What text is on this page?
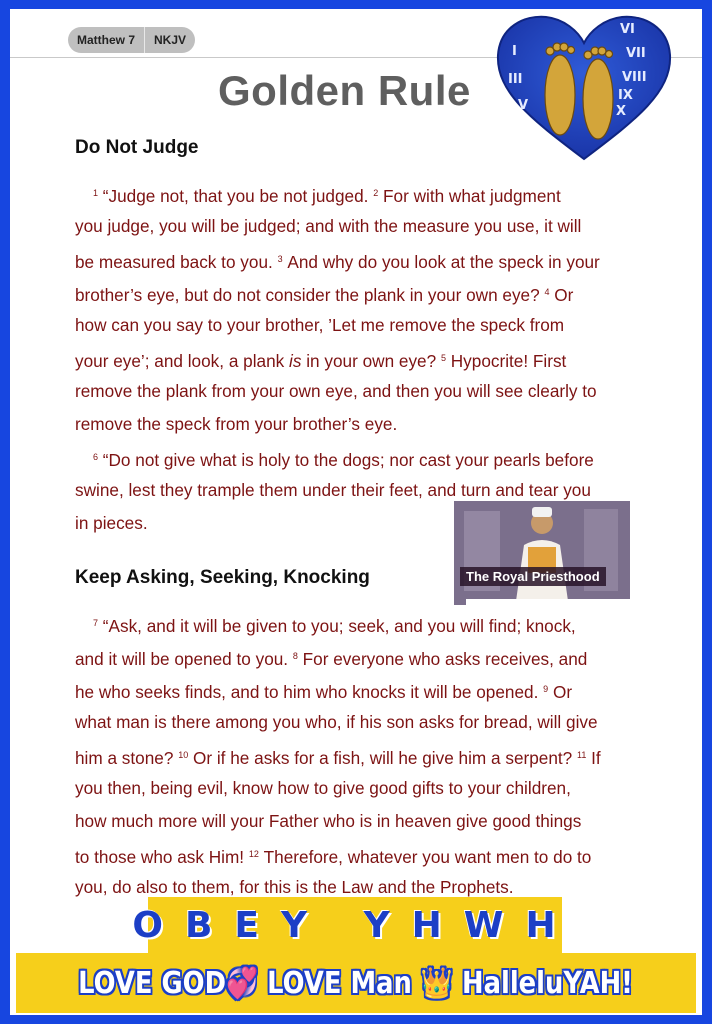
Matthew 7	NKJV
Golden Rule
I
III
V
VI
VII
VIII
IX
X
Do Not Judge
$^1$ “Judge not, that you be not judged. $^2$ For with what judgment
you judge, you will be judged; and with the measure you use, it will
be measured back to you. $^3$ And why do you look at the speck in your
brother’s eye, but do not consider the plank in your own eye? $^4$ Or
how can you say to your brother, ’Let me remove the speck from
your eye’; and look, a plank is in your own eye? $^5$ Hypocrite! First
remove the plank from your own eye, and then you will see clearly to
remove the speck from your brother’s eye.
$^6$ “Do not give what is holy to the dogs; nor cast your pearls before
swine, lest they trample them under their feet, and turn and tear you
in pieces.
The Royal Priesthood
Keep Asking, Seeking, Knocking
$^7$ “Ask, and it will be given to you; seek, and you will find; knock,
and it will be opened to you. $^8$ For everyone who asks receives, and
he who seeks finds, and to him who knocks it will be opened. $^9$ Or
what man is there among you who, if his son asks for bread, will give
him a stone? $^{10}$ Or if he asks for a fish, will he give him a serpent? $^{11}$ If
you then, being evil, know how to give good gifts to your children,
how much more will your Father who is in heaven give good things
to those who ask Him! $^{12}$ Therefore, whatever you want men to do to
you, do also to them, for this is the Law and the Prophets.
OBEY YHWH
LOVE GOD💞 LOVE Man 👑 HalleluYAH!
